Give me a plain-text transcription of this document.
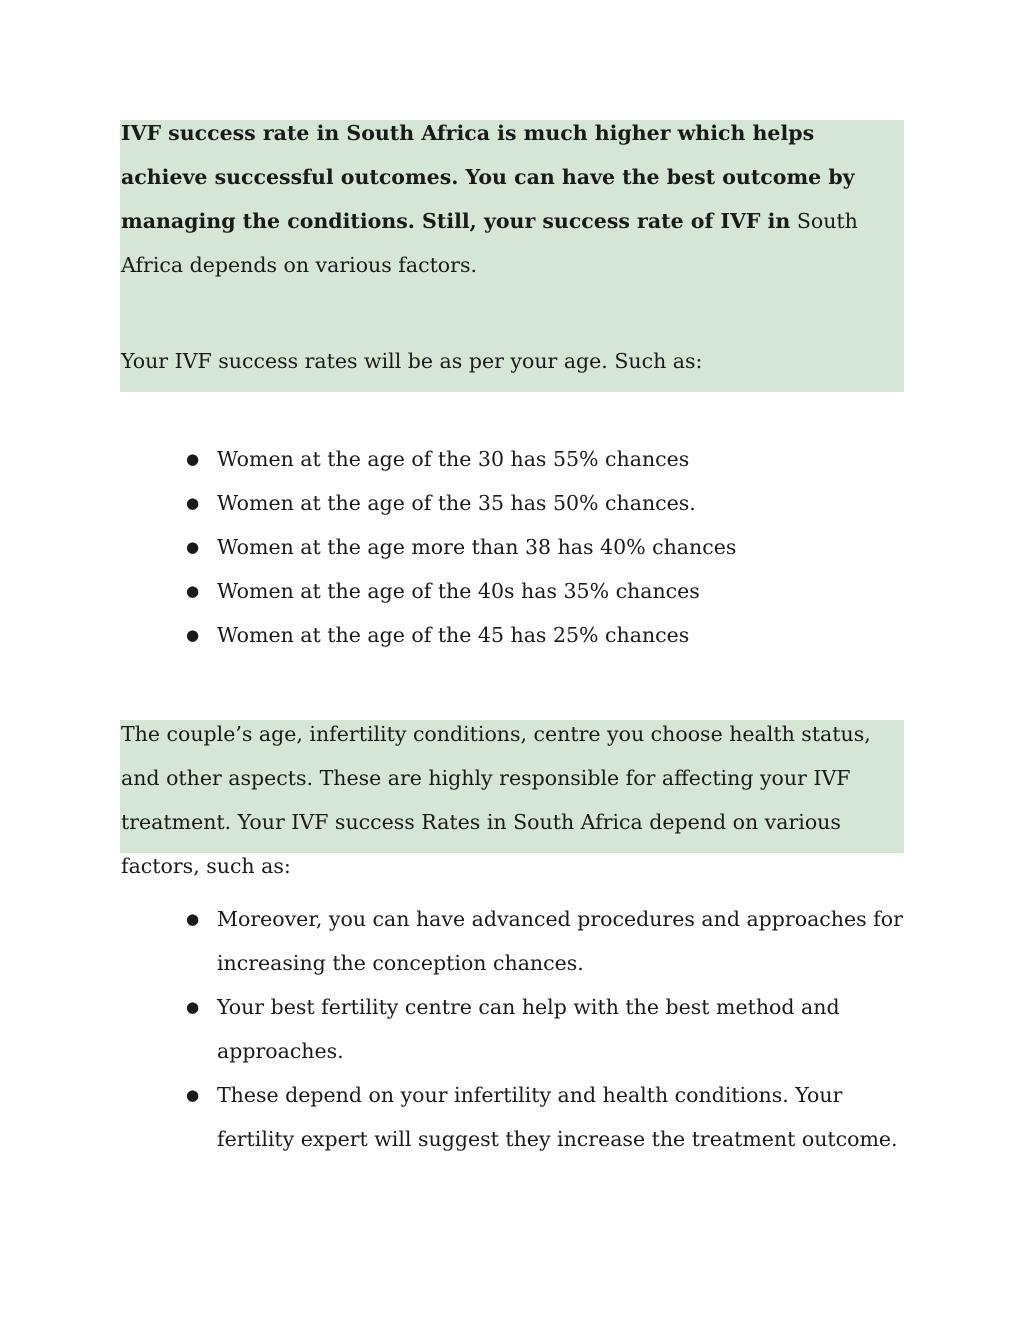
IVF success rate in South Africa is much higher which helps achieve successful outcomes. You can have the best outcome by managing the conditions. Still, your success rate of IVF in South Africa depends on various factors.

Your IVF success rates will be as per your age. Such as:

● Women at the age of the 30 has 55% chances
● Women at the age of the 35 has 50% chances.
● Women at the age more than 38 has 40% chances
● Women at the age of the 40s has 35% chances
● Women at the age of the 45 has 25% chances

The couple’s age, infertility conditions, centre you choose health status, and other aspects. These are highly responsible for affecting your IVF treatment. Your IVF success Rates in South Africa depend on various factors, such as:

● Moreover, you can have advanced procedures and approaches for increasing the conception chances.
● Your best fertility centre can help with the best method and approaches.
● These depend on your infertility and health conditions. Your fertility expert will suggest they increase the treatment outcome.
